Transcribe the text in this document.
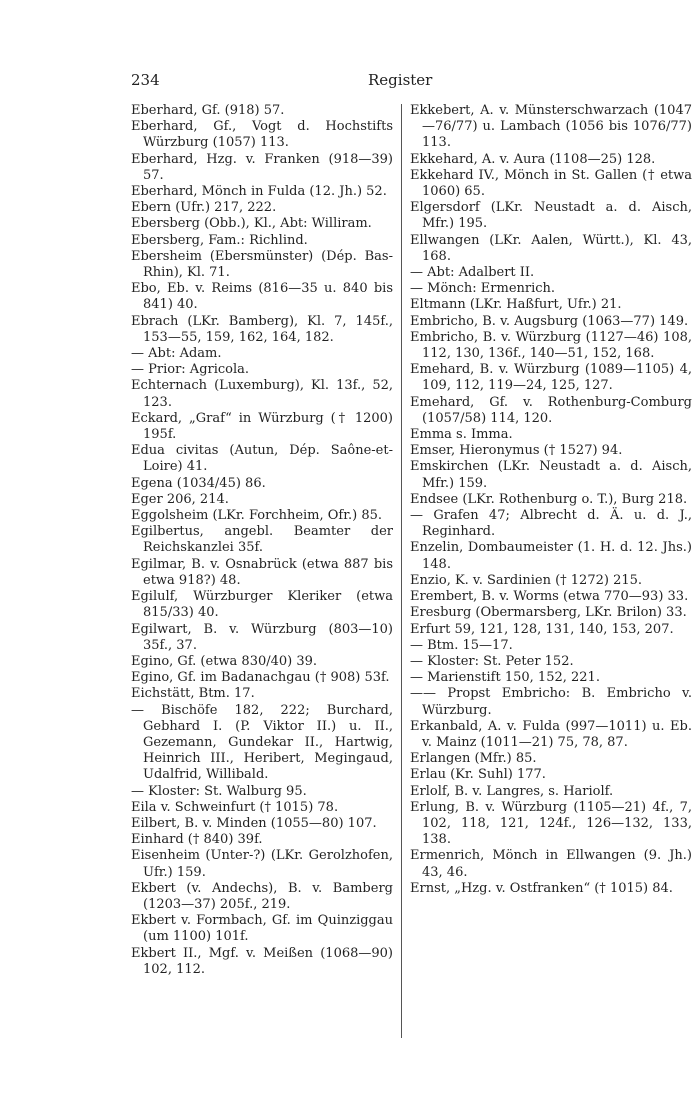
234	Register
Eberhard, Gf. (918) 57.
Eberhard, Gf., Vogt d. Hochstifts Würzburg (1057) 113.
Eberhard, Hzg. v. Franken (918—39) 57.
Eberhard, Mönch in Fulda (12. Jh.) 52.
Ebern (Ufr.) 217, 222.
Ebersberg (Obb.), Kl., Abt: Williram.
Ebersberg, Fam.: Richlind.
Ebersheim (Ebersmünster) (Dép. Bas-Rhin), Kl. 71.
Ebo, Eb. v. Reims (816—35 u. 840 bis 841) 40.
Ebrach (LKr. Bamberg), Kl. 7, 145f., 153—55, 159, 162, 164, 182.
— Abt: Adam.
— Prior: Agricola.
Echternach (Luxemburg), Kl. 13f., 52, 123.
Eckard, „Graf“ in Würzburg († 1200) 195f.
Edua civitas (Autun, Dép. Saône-et-Loire) 41.
Egena (1034/45) 86.
Eger 206, 214.
Eggolsheim (LKr. Forchheim, Ofr.) 85.
Egilbertus, angebl. Beamter der Reichskanzlei 35f.
Egilmar, B. v. Osnabrück (etwa 887 bis etwa 918?) 48.
Egilulf, Würzburger Kleriker (etwa 815/33) 40.
Egilwart, B. v. Würzburg (803—10) 35f., 37.
Egino, Gf. (etwa 830/40) 39.
Egino, Gf. im Badanachgau († 908) 53f.
Eichstätt, Btm. 17.
— Bischöfe 182, 222; Burchard, Gebhard I. (P. Viktor II.) u. II., Gezemann, Gundekar II., Hartwig, Heinrich III., Heribert, Megingaud, Udalfrid, Willibald.
— Kloster: St. Walburg 95.
Eila v. Schweinfurt († 1015) 78.
Eilbert, B. v. Minden (1055—80) 107.
Einhard († 840) 39f.
Eisenheim (Unter-?) (LKr. Gerolzhofen, Ufr.) 159.
Ekbert (v. Andechs), B. v. Bamberg (1203—37) 205f., 219.
Ekbert v. Formbach, Gf. im Quinziggau (um 1100) 101f.
Ekbert II., Mgf. v. Meißen (1068—90) 102, 112.
Ekkebert, A. v. Münsterschwarzach (1047—76/77) u. Lambach (1056 bis 1076/77) 113.
Ekkehard, A. v. Aura (1108—25) 128.
Ekkehard IV., Mönch in St. Gallen († etwa 1060) 65.
Elgersdorf (LKr. Neustadt a. d. Aisch, Mfr.) 195.
Ellwangen (LKr. Aalen, Württ.), Kl. 43, 168.
— Abt: Adalbert II.
— Mönch: Ermenrich.
Eltmann (LKr. Haßfurt, Ufr.) 21.
Embricho, B. v. Augsburg (1063—77) 149.
Embricho, B. v. Würzburg (1127—46) 108, 112, 130, 136f., 140—51, 152, 168.
Emehard, B. v. Würzburg (1089—1105) 4, 109, 112, 119—24, 125, 127.
Emehard, Gf. v. Rothenburg-Comburg (1057/58) 114, 120.
Emma s. Imma.
Emser, Hieronymus († 1527) 94.
Emskirchen (LKr. Neustadt a. d. Aisch, Mfr.) 159.
Endsee (LKr. Rothenburg o. T.), Burg 218.
— Grafen 47; Albrecht d. Ä. u. d. J., Reginhard.
Enzelin, Dombaumeister (1. H. d. 12. Jhs.) 148.
Enzio, K. v. Sardinien († 1272) 215.
Erembert, B. v. Worms (etwa 770—93) 33.
Eresburg (Obermarsberg, LKr. Brilon) 33.
Erfurt 59, 121, 128, 131, 140, 153, 207.
— Btm. 15—17.
— Kloster: St. Peter 152.
— Marienstift 150, 152, 221.
—— Propst Embricho: B. Embricho v. Würzburg.
Erkanbald, A. v. Fulda (997—1011) u. Eb. v. Mainz (1011—21) 75, 78, 87.
Erlangen (Mfr.) 85.
Erlau (Kr. Suhl) 177.
Erlolf, B. v. Langres, s. Hariolf.
Erlung, B. v. Würzburg (1105—21) 4f., 7, 102, 118, 121, 124f., 126—132, 133, 138.
Ermenrich, Mönch in Ellwangen (9. Jh.) 43, 46.
Ernst, „Hzg. v. Ostfranken“ († 1015) 84.
